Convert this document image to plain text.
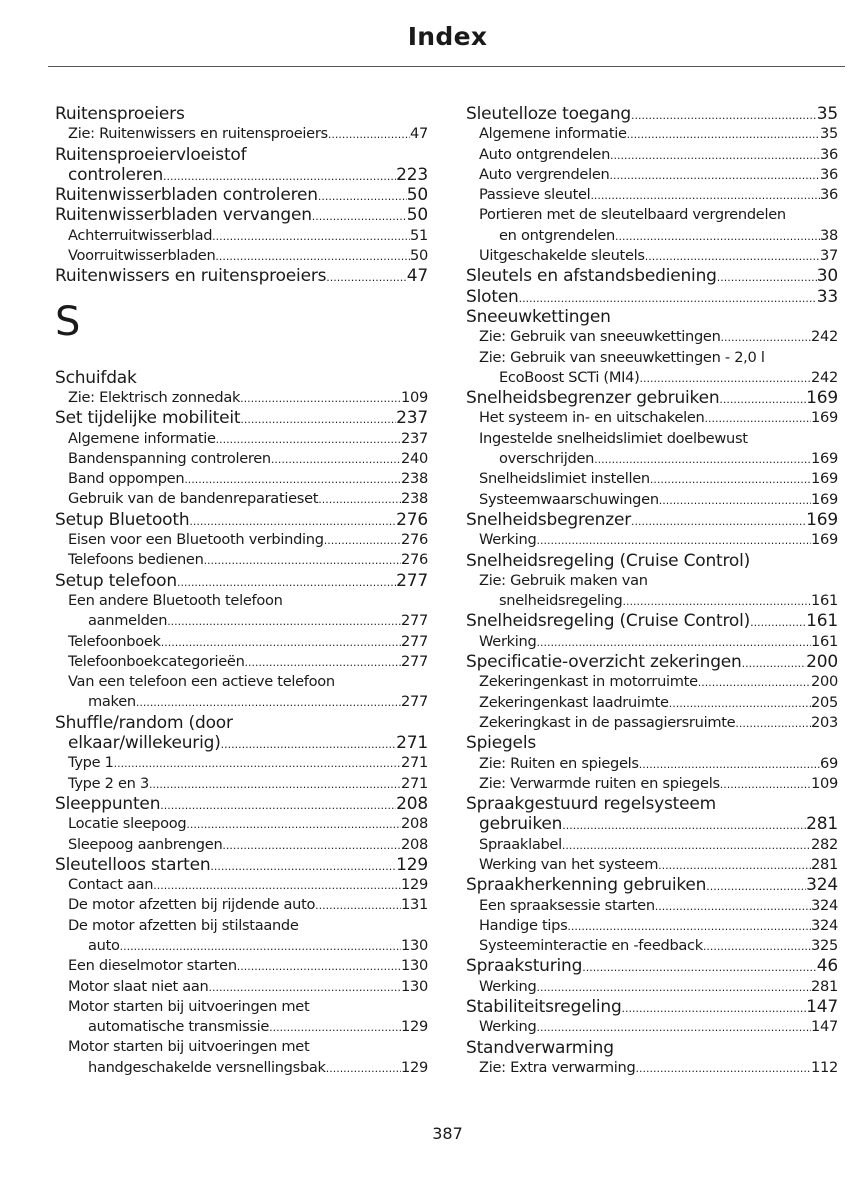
Index
Ruitensproeiers
Zie: Ruitenwissers en ruitensproeiers .....	47
Ruitensproeiervloeistof
controleren .....	223
Ruitenwisserbladen controleren .....	50
Ruitenwisserbladen vervangen .....	50
Achterruitwisserblad .....	51
Voorruitwisserbladen .....	50
Ruitenwissers en ruitensproeiers .....	47
S
Schuifdak
Zie: Elektrisch zonnedak .....	109
Set tijdelijke mobiliteit .....	237
Algemene informatie .....	237
Bandenspanning controleren .....	240
Band oppompen .....	238
Gebruik van de bandenreparatieset .....	238
Setup Bluetooth .....	276
Eisen voor een Bluetooth verbinding .....	276
Telefoons bedienen .....	276
Setup telefoon .....	277
Een andere Bluetooth telefoon
aanmelden .....	277
Telefoonboek .....	277
Telefoonboekcategorieën .....	277
Van een telefoon een actieve telefoon
maken .....	277
Shuffle/random (door
elkaar/willekeurig) .....	271
Type 1 .....	271
Type 2 en 3 .....	271
Sleeppunten .....	208
Locatie sleepoog .....	208
Sleepoog aanbrengen .....	208
Sleutelloos starten .....	129
Contact aan .....	129
De motor afzetten bij rijdende auto .....	131
De motor afzetten bij stilstaande
auto .....	130
Een dieselmotor starten .....	130
Motor slaat niet aan .....	130
Motor starten bij uitvoeringen met
automatische transmissie .....	129
Motor starten bij uitvoeringen met
handgeschakelde versnellingsbak .....	129
Sleutelloze toegang .....	35
Algemene informatie .....	35
Auto ontgrendelen .....	36
Auto vergrendelen .....	36
Passieve sleutel .....	36
Portieren met de sleutelbaard vergrendelen
en ontgrendelen .....	38
Uitgeschakelde sleutels .....	37
Sleutels en afstandsbediening .....	30
Sloten .....	33
Sneeuwkettingen
Zie: Gebruik van sneeuwkettingen .....	242
Zie: Gebruik van sneeuwkettingen - 2,0 l
EcoBoost SCTi (MI4) .....	242
Snelheidsbegrenzer gebruiken .....	169
Het systeem in- en uitschakelen .....	169
Ingestelde snelheidslimiet doelbewust
overschrijden .....	169
Snelheidslimiet instellen .....	169
Systeemwaarschuwingen .....	169
Snelheidsbegrenzer .....	169
Werking .....	169
Snelheidsregeling (Cruise Control)
Zie: Gebruik maken van
snelheidsregeling .....	161
Snelheidsregeling (Cruise Control) .....	161
Werking .....	161
Specificatie-overzicht zekeringen .....	200
Zekeringenkast in motorruimte .....	200
Zekeringenkast laadruimte .....	205
Zekeringkast in de passagiersruimte .....	203
Spiegels
Zie: Ruiten en spiegels .....	69
Zie: Verwarmde ruiten en spiegels .....	109
Spraakgestuurd regelsysteem
gebruiken .....	281
Spraaklabel .....	282
Werking van het systeem .....	281
Spraakherkenning gebruiken .....	324
Een spraaksessie starten .....	324
Handige tips .....	324
Systeeminteractie en -feedback .....	325
Spraaksturing .....	46
Werking .....	281
Stabiliteitsregeling .....	147
Werking .....	147
Standverwarming
Zie: Extra verwarming .....	112
387
